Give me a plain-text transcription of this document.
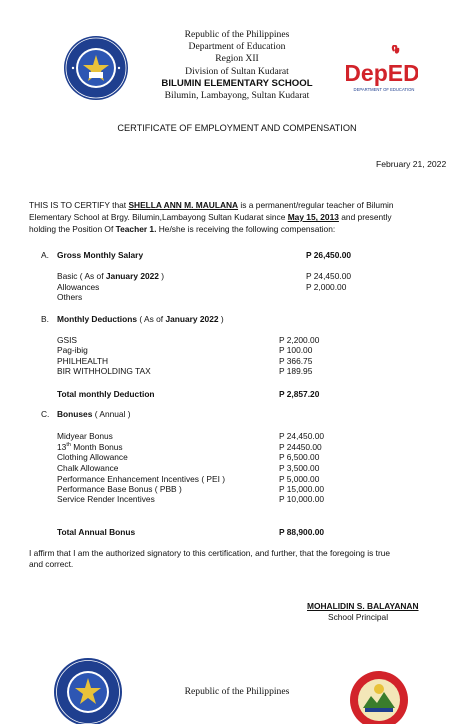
DepED
DEPARTMENT OF EDUCATION
Republic of the Philippines
Department of Education
Region XII
Division of Sultan Kudarat
BILUMIN ELEMENTARY SCHOOL
Bilumin, Lambayong, Sultan Kudarat
CERTIFICATE OF EMPLOYMENT AND COMPENSATION
February 21, 2022
THIS IS TO CERTIFY that SHELLA ANN M. MAULANA is a permanent/regular teacher of Bilumin
Elementary School at Brgy. Bilumin,Lambayong Sultan Kudarat since May 15, 2013 and presently
holding the Position Of Teacher 1. He/she is receiving the following compensation:
A. Gross Monthly Salary	P 26,450.00
Basic ( As of January 2022 )	P 24,450.00
Allowances	P 2,000.00
Others
B. Monthly Deductions ( As of January 2022 )
GSIS	P 2,200.00
Pag-ibig	P 100.00
PHILHEALTH	P 366.75
BIR WITHHOLDING TAX	P 189.95
Total monthly Deduction	P 2,857.20
C. Bonuses ( Annual )
Midyear Bonus	P 24,450.00
13th Month Bonus	P 24450.00
Clothing Allowance	P 6,500.00
Chalk Allowance	P 3,500.00
Performance Enhancement Incentives ( PEI )	P 5,000.00
Performance Base Bonus ( PBB )	P 15,000.00
Service Render Incentives	P 10,000.00
Total Annual Bonus	P 88,900.00
I affirm that I am the authorized signatory to this certification, and further, that the foregoing is true
and correct.
MOHALIDIN S. BALAYANAN
School Principal
Republic of the Philippines
